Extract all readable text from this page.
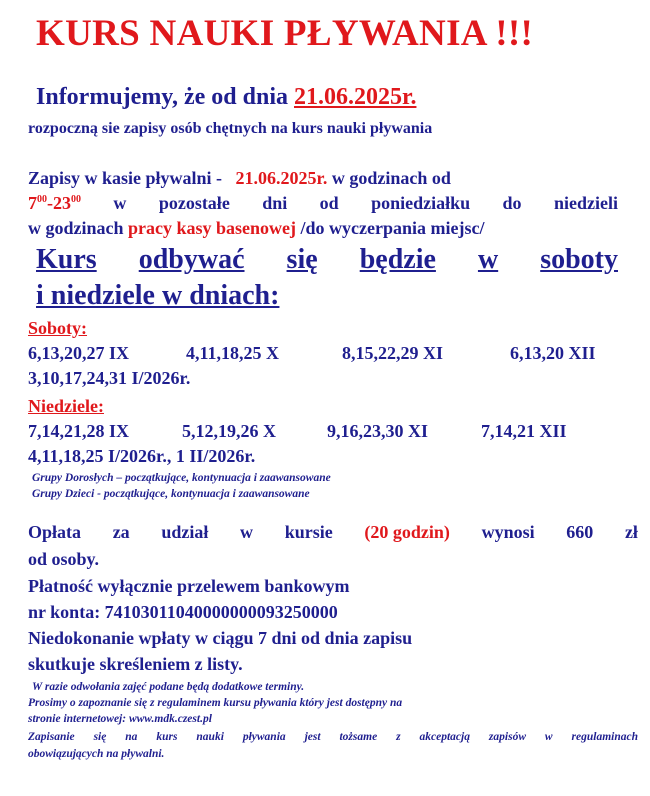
KURS NAUKI PŁYWANIA !!!
Informujemy, że od dnia 21.06.2025r.
rozpoczną sie zapisy osób chętnych na kurs nauki pływania
Zapisy w kasie pływalni - 21.06.2025r. w godzinach od
$7^{00}-23^{00}$ w pozostałe dni od poniedziałku do niedzieli
w godzinach pracy kasy basenowej /do wyczerpania miejsc/
Kurs odbywać się będzie w soboty
i niedziele w dniach:
Soboty:
6,13,20,27 IX	4,11,18,25 X	8,15,22,29 XI	6,13,20 XII
3,10,17,24,31 I/2026r.
Niedziele:
7,14,21,28 IX	5,12,19,26 X	9,16,23,30 XI	7,14,21 XII
4,11,18,25 I/2026r., 1 II/2026r.
Grupy Dorosłych – początkujące, kontynuacja i zaawansowane
Grupy Dzieci - początkujące, kontynuacja i zaawansowane
Opłata za udział w kursie (20 godzin) wynosi 660 zł
od osoby.
Płatność wyłącznie przelewem bankowym
nr konta: 74103011040000000093250000
Niedokonanie wpłaty w ciągu 7 dni od dnia zapisu
skutkuje skreśleniem z listy.
W razie odwołania zajęć podane będą dodatkowe terminy.
Prosimy o zapoznanie się z regulaminem kursu pływania który jest dostępny na
stronie internetowej: www.mdk.czest.pl
Zapisanie się na kurs nauki pływania jest tożsame z akceptacją zapisów w regulaminach
obowiązujących na pływalni.
